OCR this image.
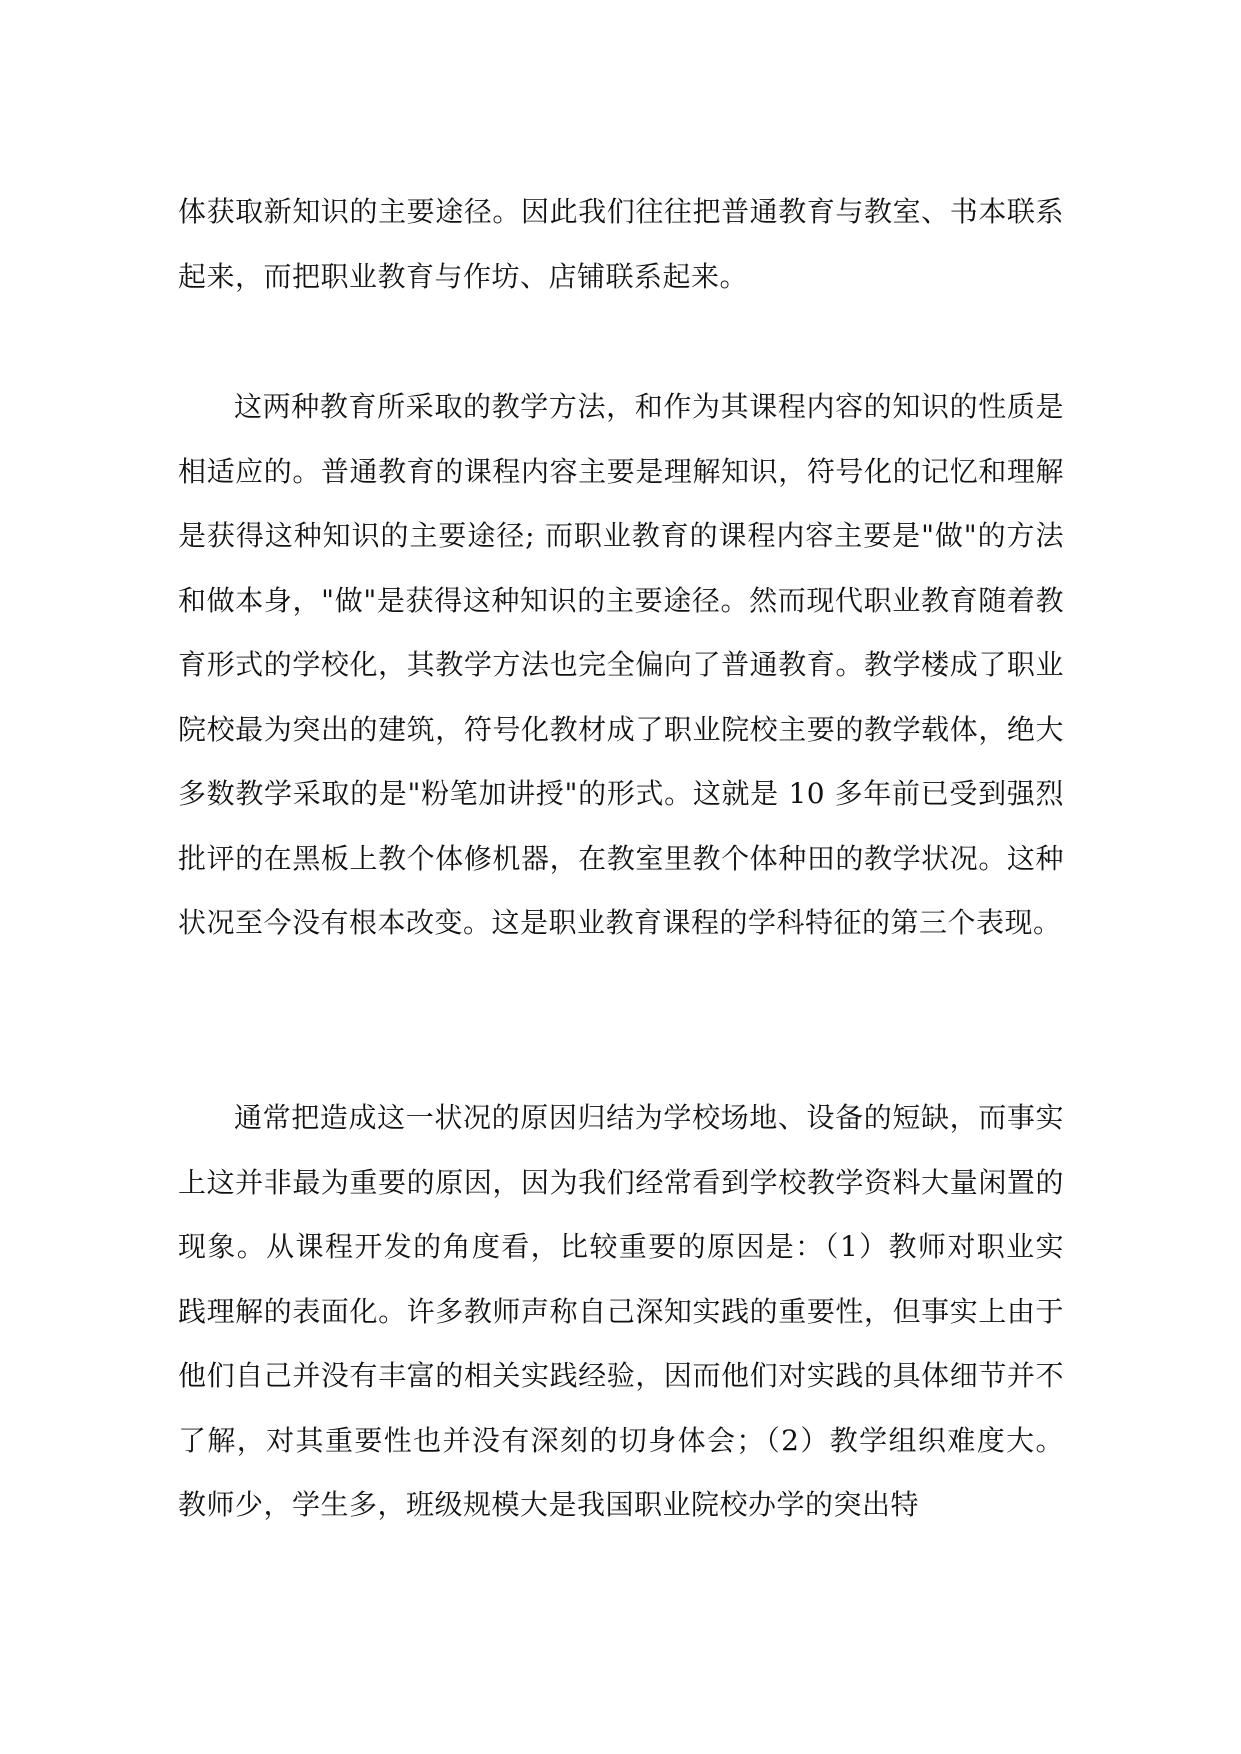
体获取新知识的主要途径。因此我们往往把普通教育与教室、书本联系起来，而把职业教育与作坊、店铺联系起来。

这两种教育所采取的教学方法，和作为其课程内容的知识的性质是相适应的。普通教育的课程内容主要是理解知识，符号化的记忆和理解是获得这种知识的主要途径; 而职业教育的课程内容主要是"做"的方法和做本身，"做"是获得这种知识的主要途径。然而现代职业教育随着教育形式的学校化，其教学方法也完全偏向了普通教育。教学楼成了职业院校最为突出的建筑，符号化教材成了职业院校主要的教学载体，绝大多数教学采取的是"粉笔加讲授"的形式。这就是 10 多年前已受到强烈批评的在黑板上教个体修机器，在教室里教个体种田的教学状况。这种状况至今没有根本改变。这是职业教育课程的学科特征的第三个表现。

通常把造成这一状况的原因归结为学校场地、设备的短缺，而事实上这并非最为重要的原因，因为我们经常看到学校教学资料大量闲置的现象。从课程开发的角度看，比较重要的原因是：（1）教师对职业实践理解的表面化。许多教师声称自己深知实践的重要性，但事实上由于他们自己并没有丰富的相关实践经验，因而他们对实践的具体细节并不了解，对其重要性也并没有深刻的切身体会；（2）教学组织难度大。教师少，学生多，班级规模大是我国职业院校办学的突出特
